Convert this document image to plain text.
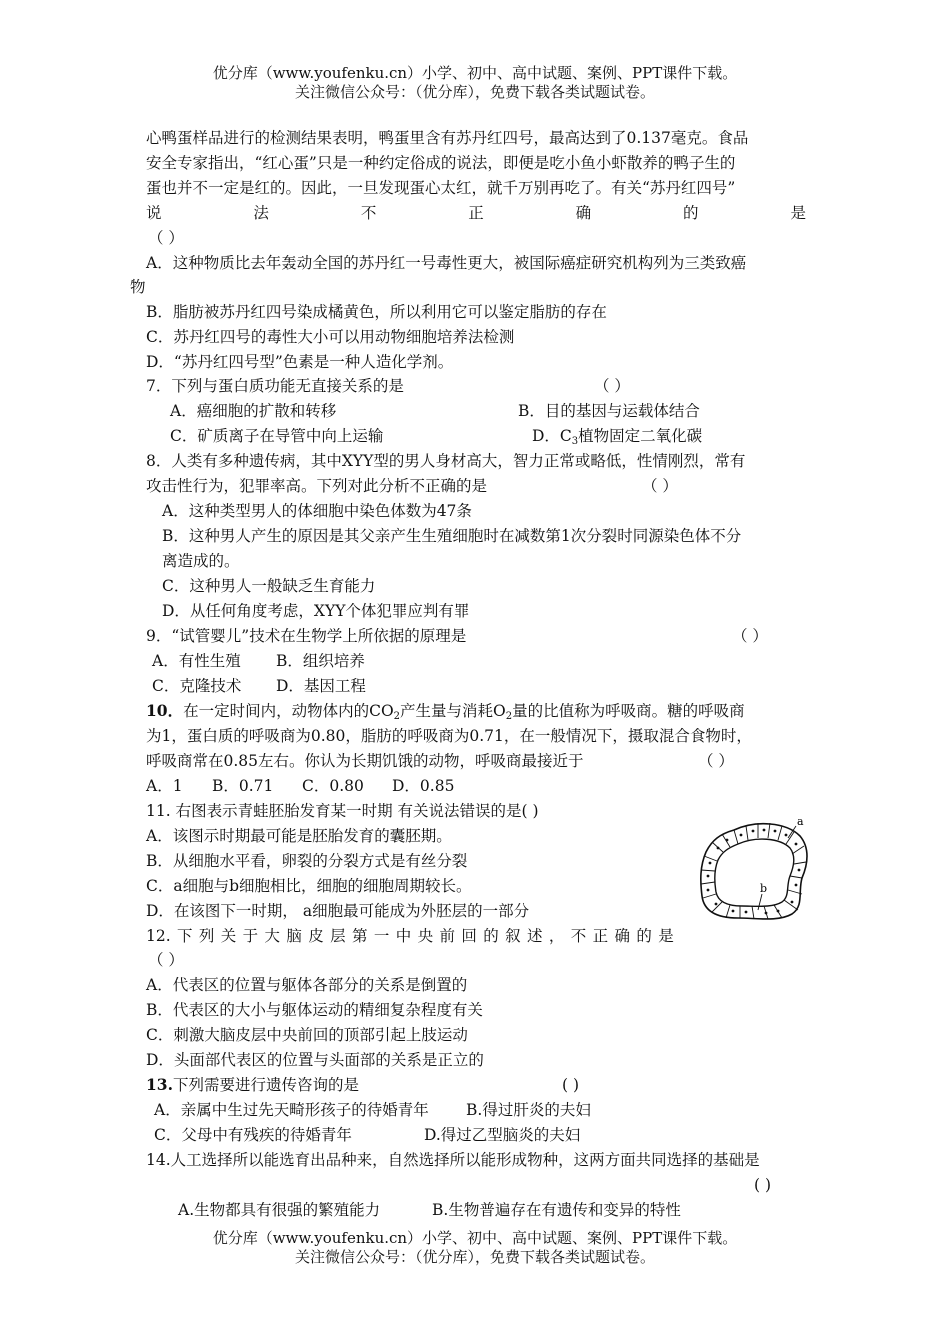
优分库（www.youfenku.cn）小学、初中、高中试题、案例、PPT课件下载。
关注微信公众号：（优分库），免费下载各类试题试卷。
心鸭蛋样品进行的检测结果表明，鸭蛋里含有苏丹红四号，最高达到了0.137毫克。食品
安全专家指出，“红心蛋”只是一种约定俗成的说法，即便是吃小鱼小虾散养的鸭子生的
蛋也并不一定是红的。因此，一旦发现蛋心太红，就千万别再吃了。有关“苏丹红四号”
说	法	不	正	确	的	是
（ ）
A．这种物质比去年轰动全国的苏丹红一号毒性更大，被国际癌症研究机构列为三类致癌
物
B．脂肪被苏丹红四号染成橘黄色，所以利用它可以鉴定脂肪的存在
C．苏丹红四号的毒性大小可以用动物细胞培养法检测
D．“苏丹红四号型”色素是一种人造化学剂。
7．下列与蛋白质功能无直接关系的是	（ ）
A．癌细胞的扩散和转移	B．目的基因与运载体结合
C．矿质离子在导管中向上运输	D．$C_3$植物固定二氧化碳
8．人类有多种遗传病，其中XYY型的男人身材高大，智力正常或略低，性情刚烈，常有
攻击性行为，犯罪率高。下列对此分析不正确的是	（ ）
A．这种类型男人的体细胞中染色体数为47条
B．这种男人产生的原因是其父亲产生生殖细胞时在减数第1次分裂时同源染色体不分
离造成的。
C．这种男人一般缺乏生育能力
D．从任何角度考虑，XYY个体犯罪应判有罪
9．“试管婴儿”技术在生物学上所依据的原理是	（ ）
A．有性生殖 B．组织培养
C．克隆技术 D．基因工程
10．在一定时间内，动物体内的$CO_2$产生量与消耗$O_2$量的比值称为呼吸商。糖的呼吸商
为1，蛋白质的呼吸商为0.80，脂肪的呼吸商为0.71，在一般情况下，摄取混合食物时，
呼吸商常在0.85左右。你认为长期饥饿的动物，呼吸商最接近于	（ ）
A．1 B．0.71 C．0.80 D．0.85
11. 右图表示青蛙胚胎发育某一时期 有关说法错误的是( )
A．该图示时期最可能是胚胎发育的囊胚期。
B．从细胞水平看，卵裂的分裂方式是有丝分裂
C．a细胞与b细胞相比，细胞的细胞周期较长。
D．在该图下一时期， a细胞最可能成为外胚层的一部分
a
b
12. 下 列 关 于 大 脑 皮 层 第 一 中 央 前 回 的 叙 述 ， 不 正 确 的 是
（ ）
A．代表区的位置与躯体各部分的关系是倒置的
B．代表区的大小与躯体运动的精细复杂程度有关
C．刺激大脑皮层中央前回的顶部引起上肢运动
D．头面部代表区的位置与头面部的关系是正立的
13.下列需要进行遗传咨询的是	( )
A．亲属中生过先天畸形孩子的待婚青年 B.得过肝炎的夫妇
C．父母中有残疾的待婚青年	D.得过乙型脑炎的夫妇
14.人工选择所以能选育出品种来，自然选择所以能形成物种，这两方面共同选择的基础是
( )
A.生物都具有很强的繁殖能力	B.生物普遍存在有遗传和变异的特性
优分库（www.youfenku.cn）小学、初中、高中试题、案例、PPT课件下载。
关注微信公众号：（优分库），免费下载各类试题试卷。
